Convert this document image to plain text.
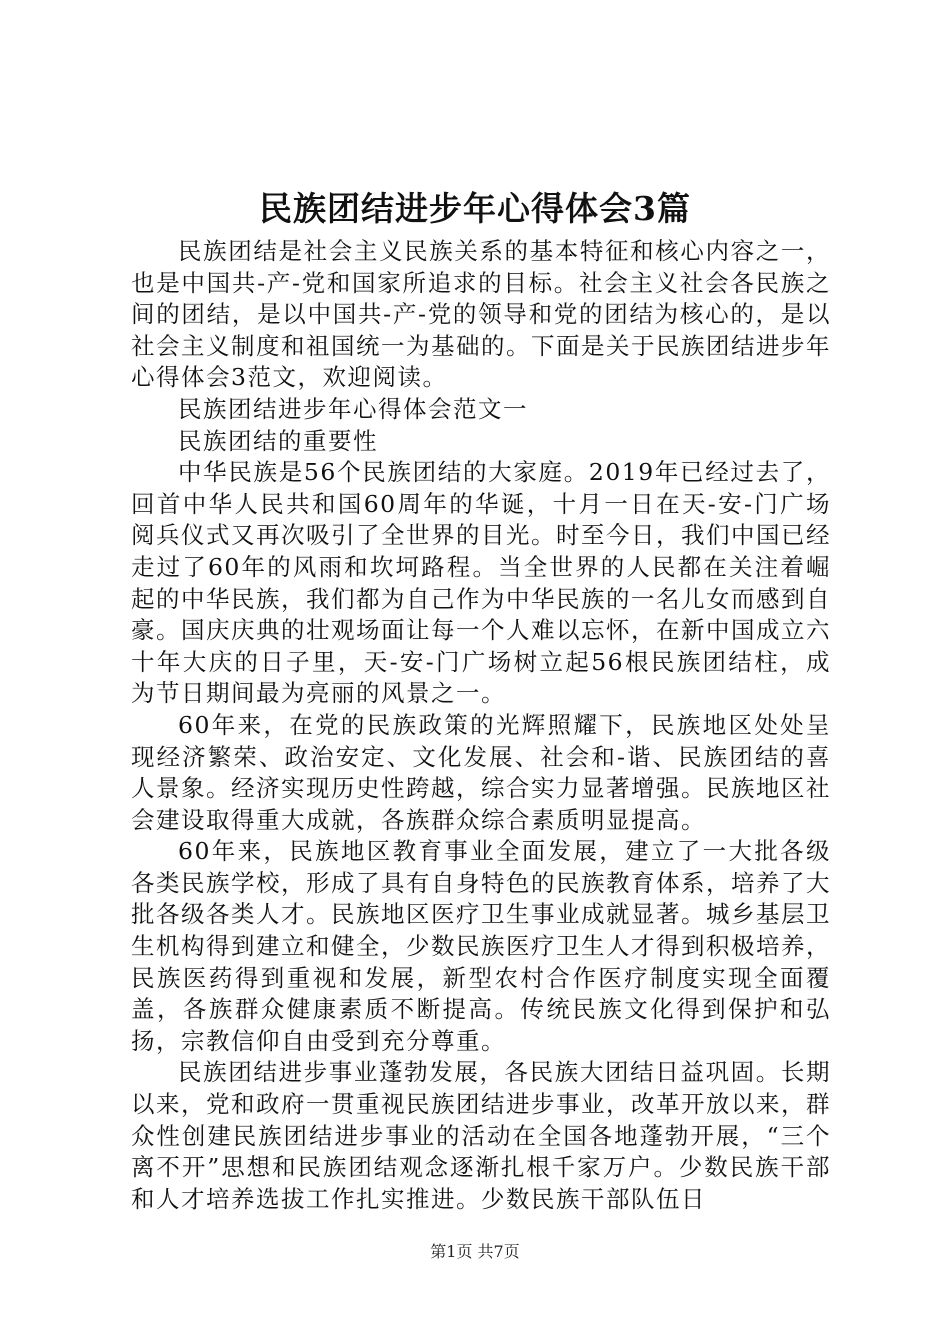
民族团结进步年心得体会3篇

民族团结是社会主义民族关系的基本特征和核心内容之一，也是中国共-产-党和国家所追求的目标。社会主义社会各民族之间的团结，是以中国共-产-党的领导和党的团结为核心的，是以社会主义制度和祖国统一为基础的。下面是关于民族团结进步年心得体会3范文，欢迎阅读。

民族团结进步年心得体会范文一

民族团结的重要性

中华民族是56个民族团结的大家庭。2019年已经过去了，回首中华人民共和国60周年的华诞，十月一日在天-安-门广场阅兵仪式又再次吸引了全世界的目光。时至今日，我们中国已经走过了60年的风雨和坎坷路程。当全世界的人民都在关注着崛起的中华民族，我们都为自己作为中华民族的一名儿女而感到自豪。国庆庆典的壮观场面让每一个人难以忘怀，在新中国成立六十年大庆的日子里，天-安-门广场树立起56根民族团结柱，成为节日期间最为亮丽的风景之一。

60年来，在党的民族政策的光辉照耀下，民族地区处处呈现经济繁荣、政治安定、文化发展、社会和-谐、民族团结的喜人景象。经济实现历史性跨越，综合实力显著增强。民族地区社会建设取得重大成就，各族群众综合素质明显提高。

60年来，民族地区教育事业全面发展，建立了一大批各级各类民族学校，形成了具有自身特色的民族教育体系，培养了大批各级各类人才。民族地区医疗卫生事业成就显著。城乡基层卫生机构得到建立和健全，少数民族医疗卫生人才得到积极培养，民族医药得到重视和发展，新型农村合作医疗制度实现全面覆盖，各族群众健康素质不断提高。传统民族文化得到保护和弘扬，宗教信仰自由受到充分尊重。

民族团结进步事业蓬勃发展，各民族大团结日益巩固。长期以来，党和政府一贯重视民族团结进步事业，改革开放以来，群众性创建民族团结进步事业的活动在全国各地蓬勃开展，“三个离不开”思想和民族团结观念逐渐扎根千家万户。少数民族干部和人才培养选拔工作扎实推进。少数民族干部队伍日

第1页 共7页
